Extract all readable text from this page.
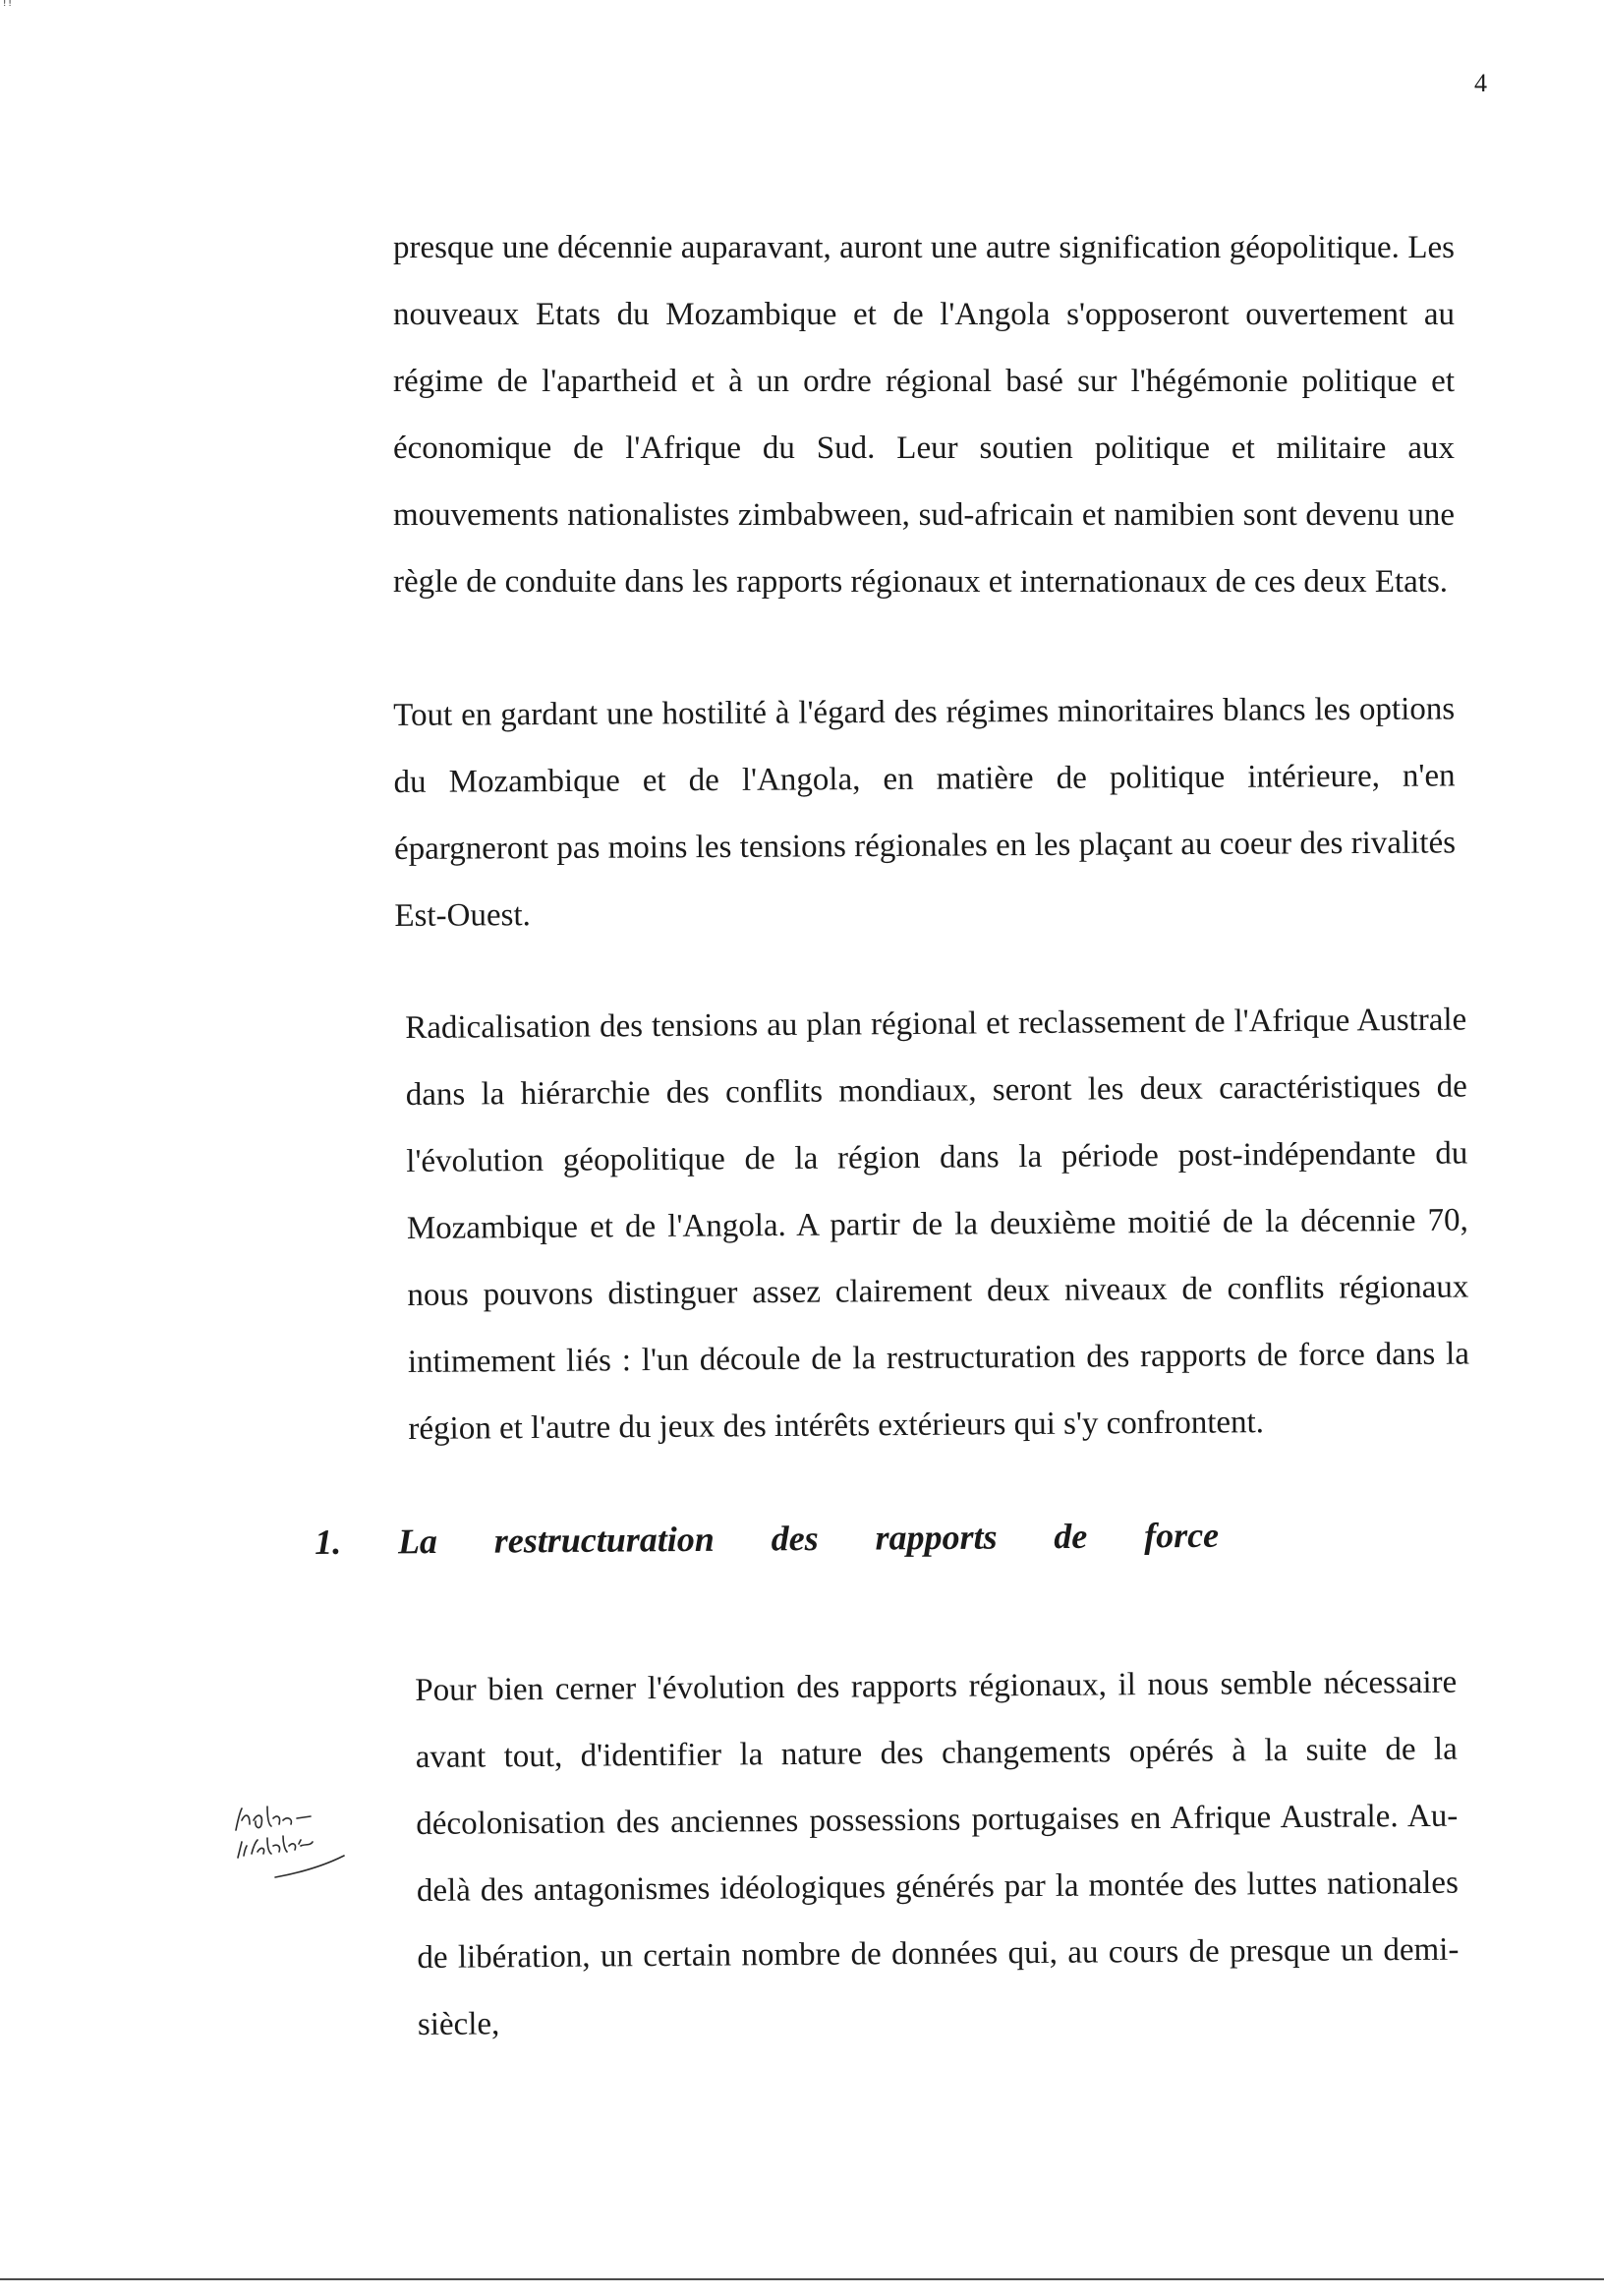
!!
4

presque une décennie auparavant, auront une autre signification géopolitique. Les nouveaux Etats du Mozambique et de l'Angola s'opposeront ouvertement au régime de l'apartheid et à un ordre régional basé sur l'hégémonie politique et économique de l'Afrique du Sud. Leur soutien politique et militaire aux mouvements nationalistes zimbabween, sud-africain et namibien sont devenu une règle de conduite dans les rapports régionaux et internationaux de ces deux Etats.

Tout en gardant une hostilité à l'égard des régimes minoritaires blancs les options du Mozambique et de l'Angola, en matière de politique intérieure, n'en épargneront pas moins les tensions régionales en les plaçant au coeur des rivalités Est-Ouest.

Radicalisation des tensions au plan régional et reclassement de l'Afrique Australe dans la hiérarchie des conflits mondiaux, seront les deux caractéristiques de l'évolution géopolitique de la région dans la période post-indépendante du Mozambique et de l'Angola. A partir de la deuxième moitié de la décennie 70, nous pouvons distinguer assez clairement deux niveaux de conflits régionaux intimement liés : l'un découle de la restructuration des rapports de force dans la région et l'autre du jeux des intérêts extérieurs qui s'y confrontent.

1. La restructuration des rapports de force

Pour bien cerner l'évolution des rapports régionaux, il nous semble nécessaire avant tout, d'identifier la nature des changements opérés à la suite de la décolonisation des anciennes possessions portugaises en Afrique Australe. Au-delà des antagonismes idéologiques générés par la montée des luttes nationales de libération, un certain nombre de données qui, au cours de presque un demi-siècle,
